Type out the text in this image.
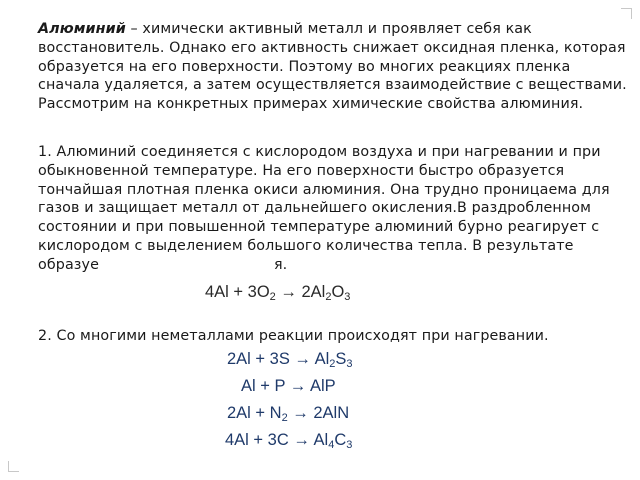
Алюминий – химически активный металл и проявляет себя как восстановитель. Однако его активность снижает оксидная пленка, которая образуется на его поверхности. Поэтому во многих реакциях пленка сначала удаляется, а затем осуществляется взаимодействие с веществами. Рассмотрим на конкретных примерах химические свойства алюминия.

1. Алюминий соединяется с кислородом воздуха и при нагревании и при обыкновенной температуре. На его поверхности быстро образуется тончайшая плотная пленка окиси алюминия. Она трудно проницаема для газов и защищает металл от дальнейшего окисления.В раздробленном состоянии и при повышенной температуре алюминий бурно реагирует с кислородом с выделением большого количества тепла. В результате образуе	я.

2. Со многими неметаллами реакции происходят при нагревании.

$4Al + 3O_2 \to 2Al_2O_3$
$2Al + 3S \to Al_2S_3$
Al + P → AlP
$2Al + N_2 \to 2AlN$
$4Al + 3C \to Al_4C_3$
